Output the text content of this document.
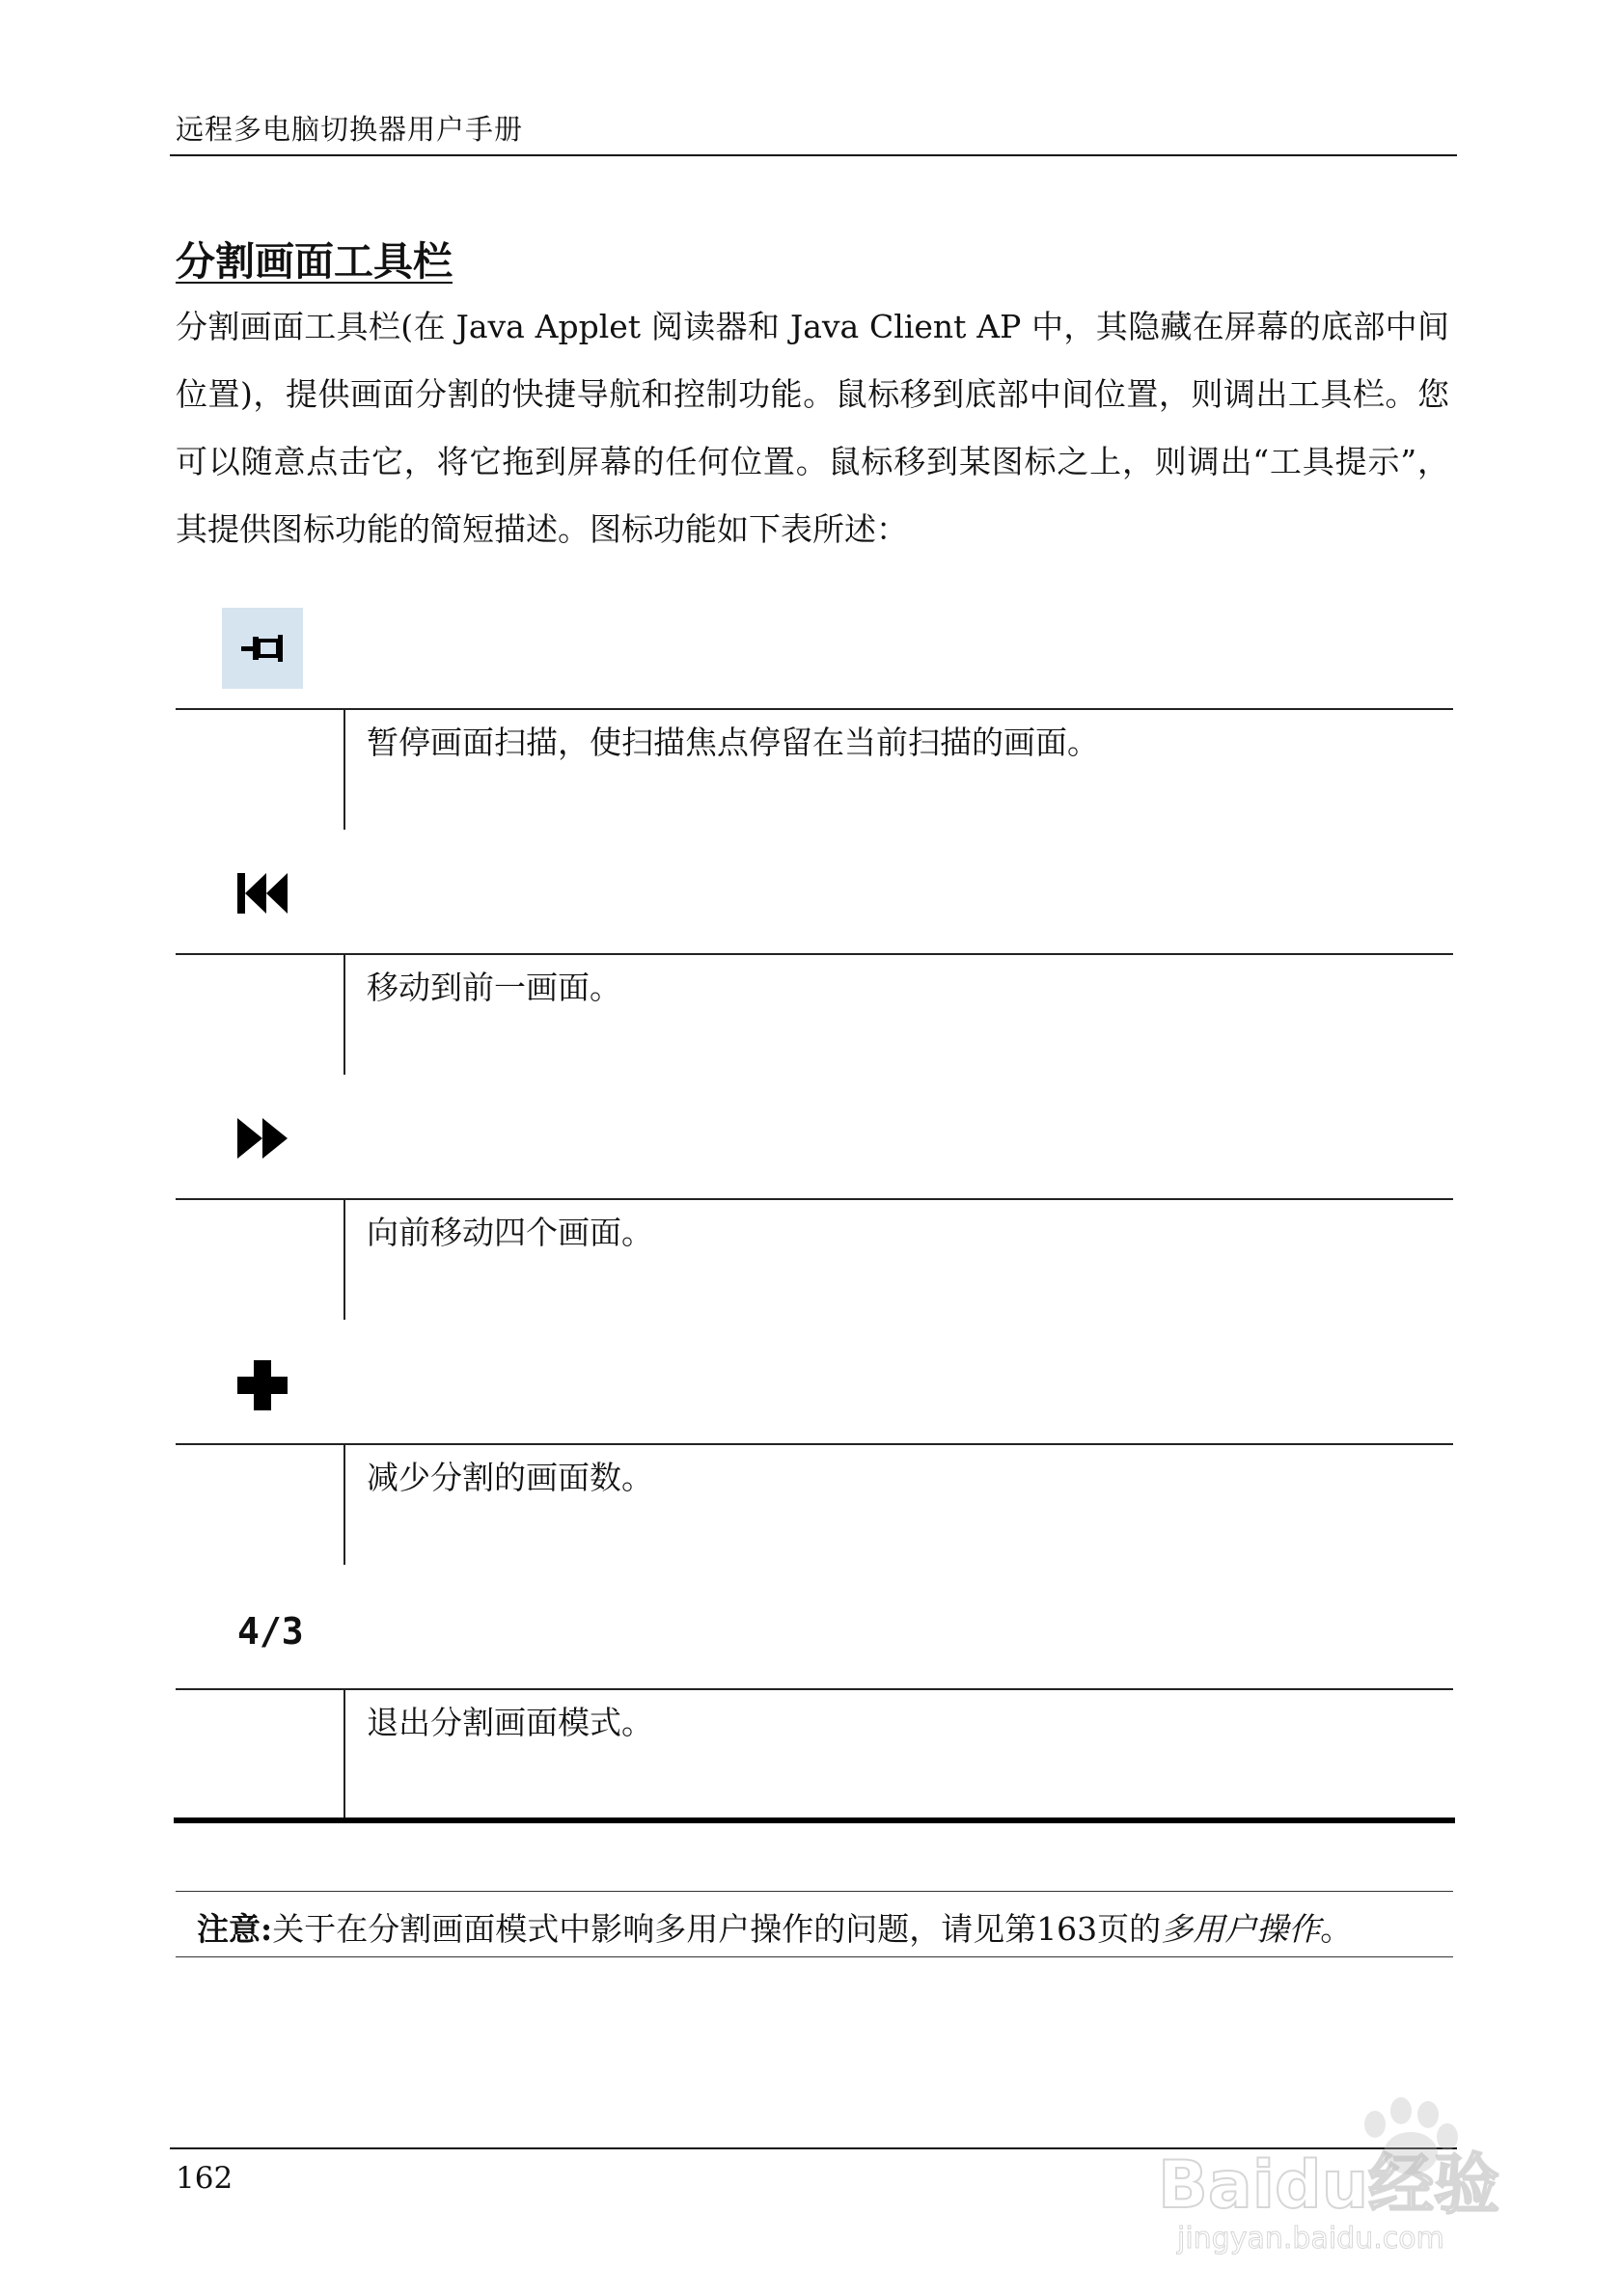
远程多电脑切换器用户手册
分割画面工具栏

分割画面工具栏(在 Java Applet 阅读器和 Java Client AP 中，其隐藏在屏幕的底部中间位置)，提供画面分割的快捷导航和控制功能。鼠标移到底部中间位置，则调出工具栏。您可以随意点击它，将它拖到屏幕的任何位置。鼠标移到某图标之上，则调出“工具提示”，其提供图标功能的简短描述。图标功能如下表所述：

暂停画面扫描，使扫描焦点停留在当前扫描的画面。
移动到前一画面。
向前移动四个画面。
减少分割的画面数。
4/3
退出分割画面模式。
注意:关于在分割画面模式中影响多用户操作的问题，请见第163页的多用户操作。
162	Baidu经验
jingyan.baidu.com
